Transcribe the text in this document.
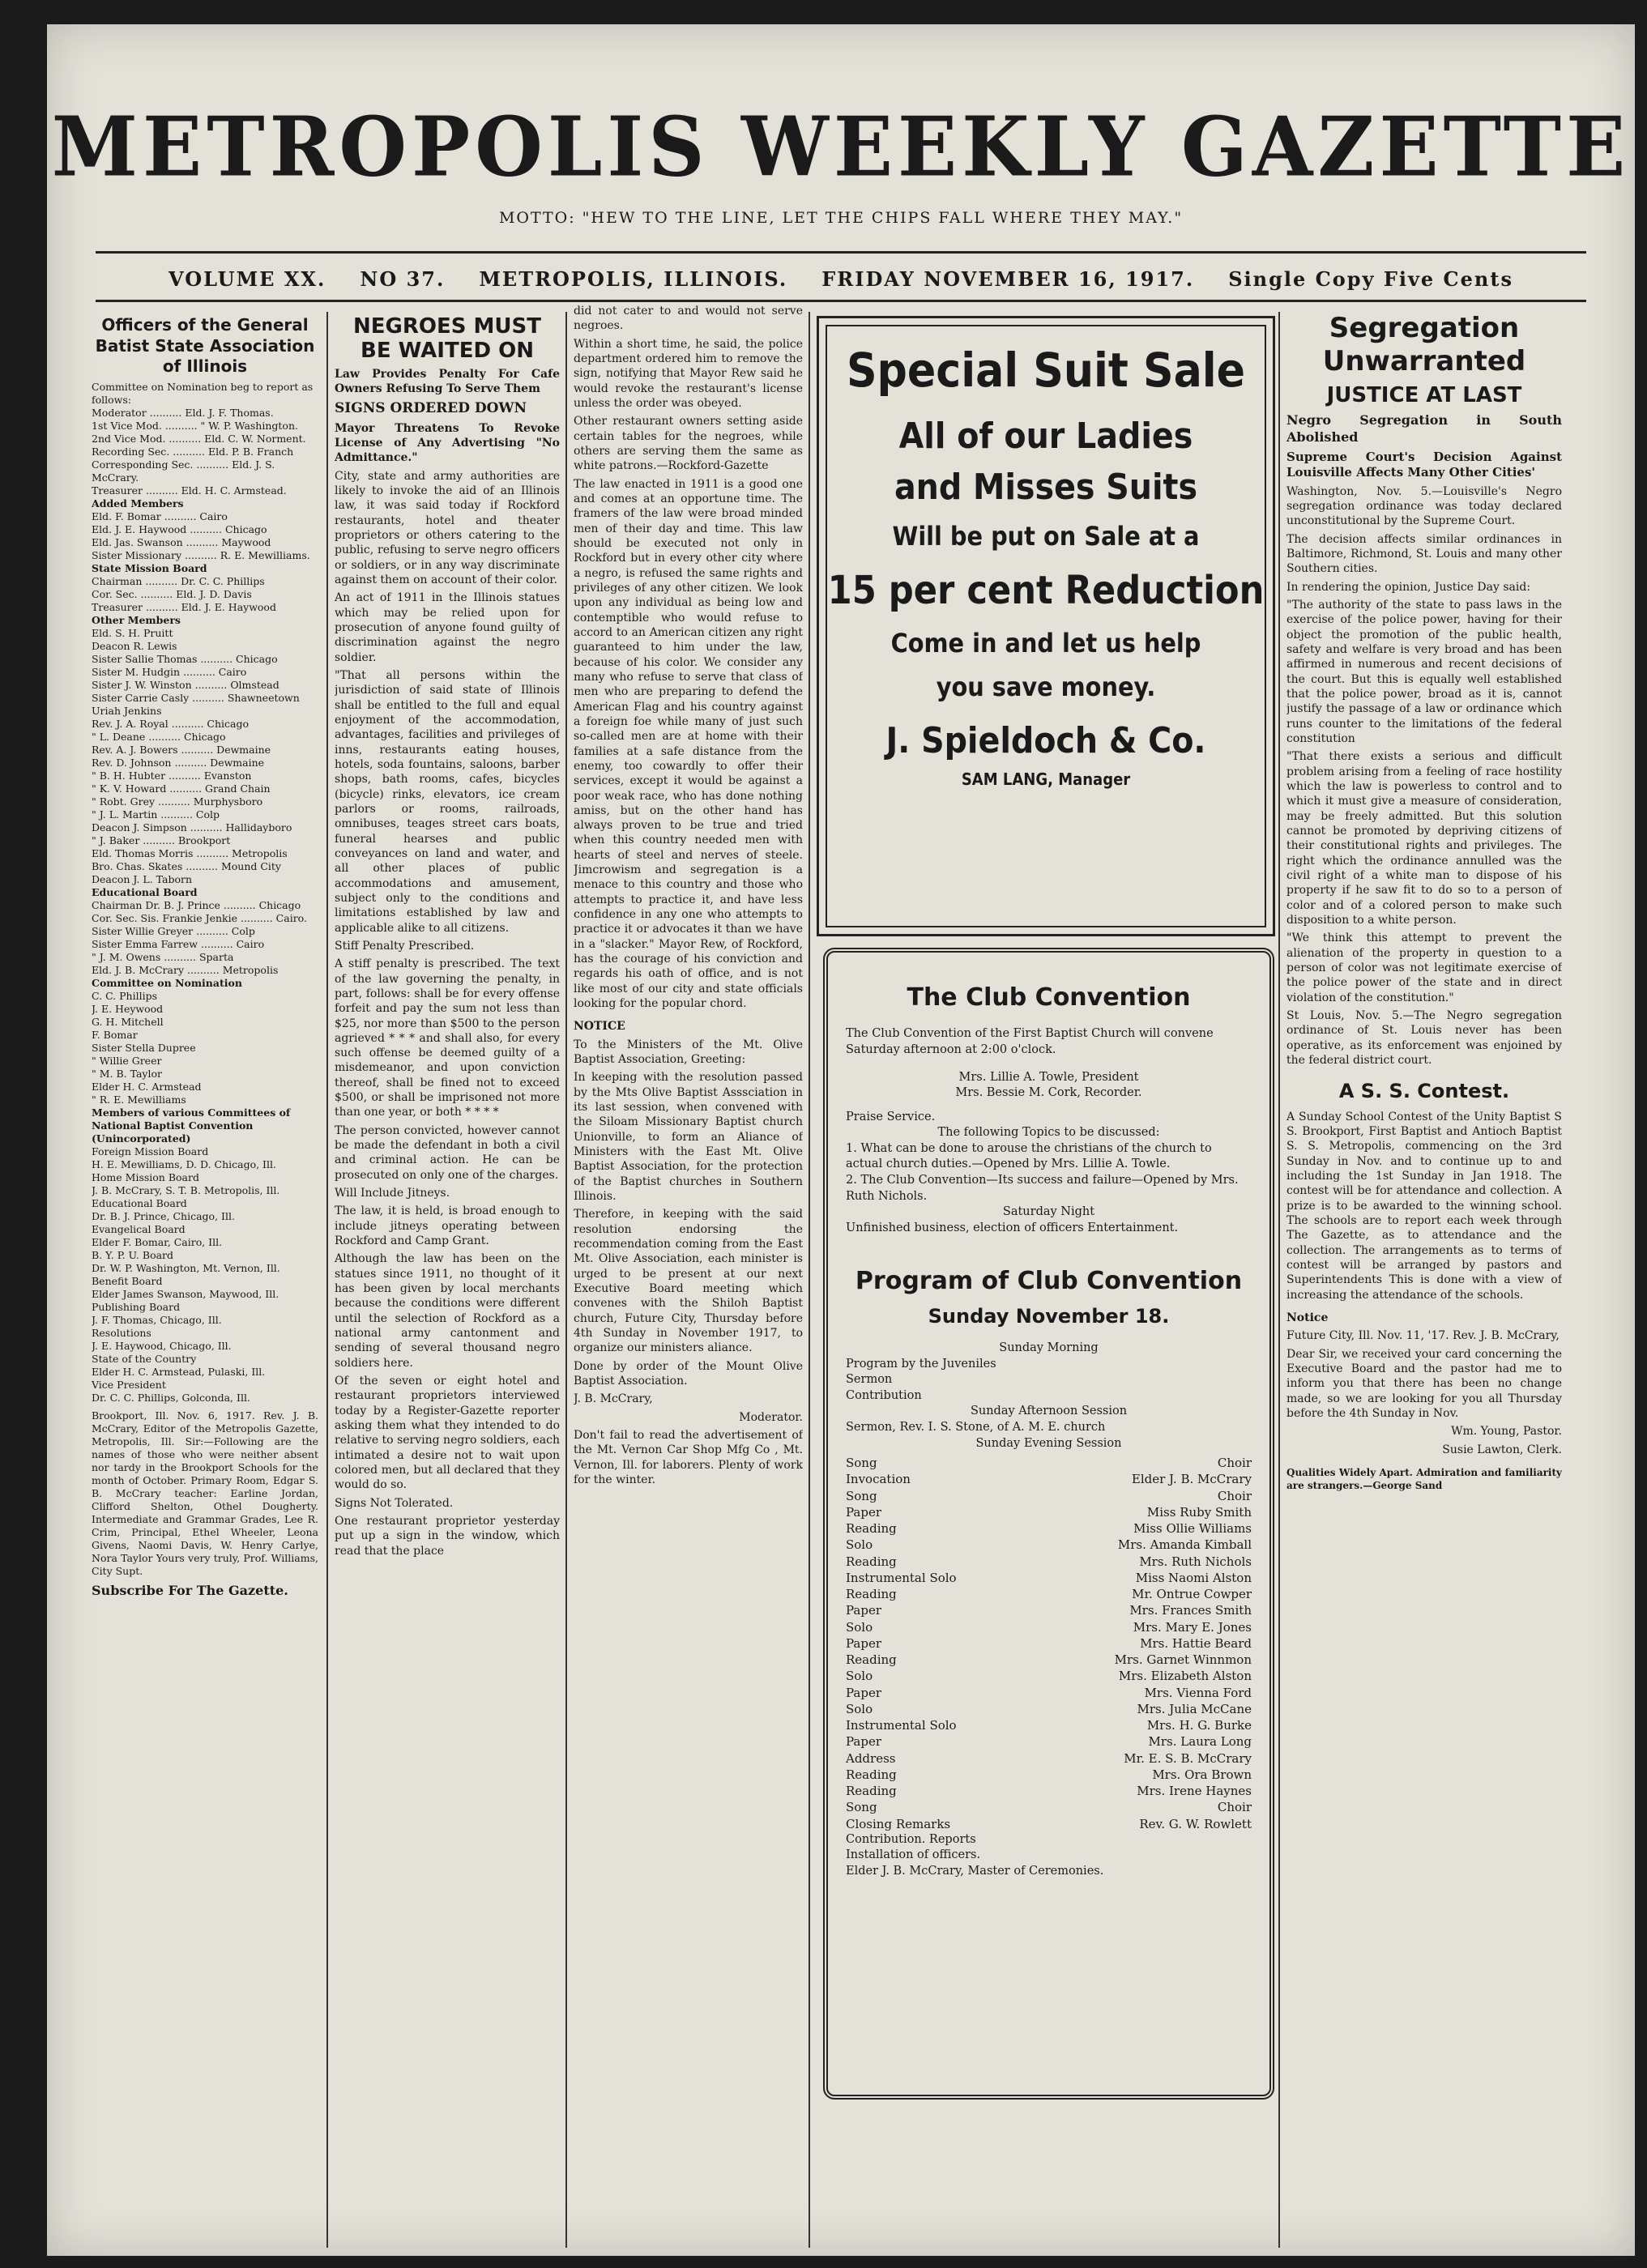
METROPOLIS WEEKLY GAZETTE
MOTTO: "HEW TO THE LINE, LET THE CHIPS FALL WHERE THEY MAY."
VOLUME XX. NO 37. METROPOLIS, ILLINOIS. FRIDAY NOVEMBER 16, 1917. Single Copy Five Cents
Officers of the General Batist State Association of Illinois

Committee on Nomination beg to report as follows:

Moderator .......... Eld. J. F. Thomas.

1st Vice Mod. .......... " W. P. Washington.

2nd Vice Mod. .......... Eld. C. W. Norment.

Recording Sec. .......... Eld. P. B. Franch

Corresponding Sec. .......... Eld. J. S. McCrary.

Treasurer .......... Eld. H. C. Armstead.

Added Members

Eld. F. Bomar .......... Cairo

Eld. J. E. Haywood .......... Chicago

Eld. Jas. Swanson .......... Maywood

Sister Missionary .......... R. E. Mewilliams.

State Mission Board

Chairman .......... Dr. C. C. Phillips

Cor. Sec. .......... Eld. J. D. Davis

Treasurer .......... Eld. J. E. Haywood

Other Members

Eld. S. H. Pruitt

Deacon R. Lewis

Sister Sallie Thomas .......... Chicago

Sister M. Hudgin .......... Cairo

Sister J. W. Winston .......... Olmstead

Sister Carrie Casly .......... Shawneetown

Uriah Jenkins

Rev. J. A. Royal .......... Chicago

" L. Deane .......... Chicago

Rev. A. J. Bowers .......... Dewmaine

Rev. D. Johnson .......... Dewmaine

" B. H. Hubter .......... Evanston

" K. V. Howard .......... Grand Chain

" Robt. Grey .......... Murphysboro

" J. L. Martin .......... Colp

Deacon J. Simpson .......... Hallidayboro

" J. Baker .......... Brookport

Eld. Thomas Morris .......... Metropolis

Bro. Chas. Skates .......... Mound City

Deacon J. L. Taborn

Educational Board

Chairman Dr. B. J. Prince .......... Chicago

Cor. Sec. Sis. Frankie Jenkie .......... Cairo.

Sister Willie Greyer .......... Colp

Sister Emma Farrew .......... Cairo

" J. M. Owens .......... Sparta

Eld. J. B. McCrary .......... Metropolis

Committee on Nomination

C. C. Phillips

J. E. Heywood

G. H. Mitchell

F. Bomar

Sister Stella Dupree

" Willie Greer

" M. B. Taylor

Elder H. C. Armstead

" R. E. Mewilliams

Members of various Committees of National Baptist Convention (Unincorporated)

Foreign Mission Board

H. E. Mewilliams, D. D. Chicago, Ill.

Home Mission Board

J. B. McCrary, S. T. B. Metropolis, Ill.

Educational Board

Dr. B. J. Prince, Chicago, Ill.

Evangelical Board

Elder F. Bomar, Cairo, Ill.

B. Y. P. U. Board

Dr. W. P. Washington, Mt. Vernon, Ill.

Benefit Board

Elder James Swanson, Maywood, Ill.

Publishing Board

J. F. Thomas, Chicago, Ill.

Resolutions

J. E. Haywood, Chicago, Ill.

State of the Country

Elder H. C. Armstead, Pulaski, Ill.

Vice President

Dr. C. C. Phillips, Golconda, Ill.

Brookport, Ill. Nov. 6, 1917. Rev. J. B. McCrary, Editor of the Metropolis Gazette, Metropolis, Ill. Sir:—Following are the names of those who were neither absent nor tardy in the Brookport Schools for the month of October. Primary Room, Edgar S. B. McCrary teacher: Earline Jordan, Clifford Shelton, Othel Dougherty. Intermediate and Grammar Grades, Lee R. Crim, Principal, Ethel Wheeler, Leona Givens, Naomi Davis, W. Henry Carlye, Nora Taylor Yours very truly, Prof. Williams, City Supt.

Subscribe For The Gazette.

NEGROES MUST BE WAITED ON

Law Provides Penalty For Cafe Owners Refusing To Serve Them

SIGNS ORDERED DOWN

Mayor Threatens To Revoke License of Any Advertising "No Admittance."

City, state and army authorities are likely to invoke the aid of an Illinois law, it was said today if Rockford restaurants, hotel and theater proprietors or others catering to the public, refusing to serve negro officers or soldiers, or in any way discriminate against them on account of their color.

An act of 1911 in the Illinois statues which may be relied upon for prosecution of anyone found guilty of discrimination against the negro soldier.

"That all persons within the jurisdiction of said state of Illinois shall be entitled to the full and equal enjoyment of the accommodation, advantages, facilities and privileges of inns, restaurants eating houses, hotels, soda fountains, saloons, barber shops, bath rooms, cafes, bicycles (bicycle) rinks, elevators, ice cream parlors or rooms, railroads, omnibuses, teages street cars boats, funeral hearses and public conveyances on land and water, and all other places of public accommodations and amusement, subject only to the conditions and limitations established by law and applicable alike to all citizens.

Stiff Penalty Prescribed.

A stiff penalty is prescribed. The text of the law governing the penalty, in part, follows: shall be for every offense forfeit and pay the sum not less than $25, nor more than $500 to the person agrieved * * * and shall also, for every such offense be deemed guilty of a misdemeanor, and upon conviction thereof, shall be fined not to exceed $500, or shall be imprisoned not more than one year, or both * * * *

The person convicted, however cannot be made the defendant in both a civil and criminal action. He can be prosecuted on only one of the charges.

Will Include Jitneys.

The law, it is held, is broad enough to include jitneys operating between Rockford and Camp Grant.

Although the law has been on the statues since 1911, no thought of it has been given by local merchants because the conditions were different until the selection of Rockford as a national army cantonment and sending of several thousand negro soldiers here.

Of the seven or eight hotel and restaurant proprietors interviewed today by a Register-Gazette reporter asking them what they intended to do relative to serving negro soldiers, each intimated a desire not to wait upon colored men, but all declared that they would do so.

Signs Not Tolerated.

One restaurant proprietor yesterday put up a sign in the window, which read that the place

did not cater to and would not serve negroes.

Within a short time, he said, the police department ordered him to remove the sign, notifying that Mayor Rew said he would revoke the restaurant's license unless the order was obeyed.

Other restaurant owners setting aside certain tables for the negroes, while others are serving them the same as white patrons.—Rockford-Gazette

The law enacted in 1911 is a good one and comes at an opportune time. The framers of the law were broad minded men of their day and time. This law should be executed not only in Rockford but in every other city where a negro, is refused the same rights and privileges of any other citizen. We look upon any individual as being low and contemptible who would refuse to accord to an American citizen any right guaranteed to him under the law, because of his color. We consider any many who refuse to serve that class of men who are preparing to defend the American Flag and his country against a foreign foe while many of just such so-called men are at home with their families at a safe distance from the enemy, too cowardly to offer their services, except it would be against a poor weak race, who has done nothing amiss, but on the other hand has always proven to be true and tried when this country needed men with hearts of steel and nerves of steele. Jimcrowism and segregation is a menace to this country and those who attempts to practice it, and have less confidence in any one who attempts to practice it or advocates it than we have in a "slacker." Mayor Rew, of Rockford, has the courage of his conviction and regards his oath of office, and is not like most of our city and state officials looking for the popular chord.

NOTICE

To the Ministers of the Mt. Olive Baptist Association, Greeting:

In keeping with the resolution passed by the Mts Olive Baptist Asssciation in its last session, when convened with the Siloam Missionary Baptist church Unionville, to form an Aliance of Ministers with the East Mt. Olive Baptist Association, for the protection of the Baptist churches in Southern Illinois.

Therefore, in keeping with the said resolution endorsing the recommendation coming from the East Mt. Olive Association, each minister is urged to be present at our next Executive Board meeting which convenes with the Shiloh Baptist church, Future City, Thursday before 4th Sunday in November 1917, to organize our ministers aliance.

Done by order of the Mount Olive Baptist Association.

J. B. McCrary,

Moderator.

Don't fail to read the advertisement of the Mt. Vernon Car Shop Mfg Co , Mt. Vernon, Ill. for laborers. Plenty of work for the winter.

Special Suit Sale
All of our Ladies
and Misses Suits
Will be put on Sale at a
15 per cent Reduction
Come in and let us help
you save money.
J. Spieldoch & Co.
SAM LANG, Manager
The Club Convention

The Club Convention of the First Baptist Church will convene Saturday afternoon at 2:00 o'clock.

Mrs. Lillie A. Towle, President

Mrs. Bessie M. Cork, Recorder.

Praise Service.

The following Topics to be discussed:

1. What can be done to arouse the christians of the church to actual church duties.—Opened by Mrs. Lillie A. Towle.

2. The Club Convention—Its success and failure—Opened by Mrs. Ruth Nichols.

Saturday Night

Unfinished business, election of officers Entertainment.

Program of Club Convention
Sunday November 18.

Sunday Morning

Program by the Juveniles

Sermon

Contribution

Sunday Afternoon Session

Sermon, Rev. I. S. Stone, of A. M. E. church

Sunday Evening Session

Song	Choir
Invocation	Elder J. B. McCrary
Song	Choir
Paper	Miss Ruby Smith
Reading	Miss Ollie Williams
Solo	Mrs. Amanda Kimball
Reading	Mrs. Ruth Nichols
Instrumental Solo	Miss Naomi Alston
Reading	Mr. Ontrue Cowper
Paper	Mrs. Frances Smith
Solo	Mrs. Mary E. Jones
Paper	Mrs. Hattie Beard
Reading	Mrs. Garnet Winnmon
Solo	Mrs. Elizabeth Alston
Paper	Mrs. Vienna Ford
Solo	Mrs. Julia McCane
Instrumental Solo	Mrs. H. G. Burke
Paper	Mrs. Laura Long
Address	Mr. E. S. B. McCrary
Reading	Mrs. Ora Brown
Reading	Mrs. Irene Haynes
Song	Choir
Closing Remarks	Rev. G. W. Rowlett

Contribution. Reports

Installation of officers.

Elder J. B. McCrary, Master of Ceremonies.

Segregation Unwarranted
JUSTICE AT LAST

Negro Segregation in South Abolished

Supreme Court's Decision Against Louisville Affects Many Other Cities'

Washington, Nov. 5.—Louisville's Negro segregation ordinance was today declared unconstitutional by the Supreme Court.

The decision affects similar ordinances in Baltimore, Richmond, St. Louis and many other Southern cities.

In rendering the opinion, Justice Day said:

"The authority of the state to pass laws in the exercise of the police power, having for their object the promotion of the public health, safety and welfare is very broad and has been affirmed in numerous and recent decisions of the court. But this is equally well established that the police power, broad as it is, cannot justify the passage of a law or ordinance which runs counter to the limitations of the federal constitution

"That there exists a serious and difficult problem arising from a feeling of race hostility which the law is powerless to control and to which it must give a measure of consideration, may be freely admitted. But this solution cannot be promoted by depriving citizens of their constitutional rights and privileges. The right which the ordinance annulled was the civil right of a white man to dispose of his property if he saw fit to do so to a person of color and of a colored person to make such disposition to a white person.

"We think this attempt to prevent the alienation of the property in question to a person of color was not legitimate exercise of the police power of the state and in direct violation of the constitution."

St Louis, Nov. 5.—The Negro segregation ordinance of St. Louis never has been operative, as its enforcement was enjoined by the federal district court.

A S. S. Contest.

A Sunday School Contest of the Unity Baptist S S. Brookport, First Baptist and Antioch Baptist S. S. Metropolis, commencing on the 3rd Sunday in Nov. and to continue up to and including the 1st Sunday in Jan 1918. The contest will be for attendance and collection. A prize is to be awarded to the winning school. The schools are to report each week through The Gazette, as to attendance and the collection. The arrangements as to terms of contest will be arranged by pastors and Superintendents This is done with a view of increasing the attendance of the schools.

Notice

Future City, Ill. Nov. 11, '17. Rev. J. B. McCrary,

Dear Sir, we received your card concerning the Executive Board and the pastor had me to inform you that there has been no change made, so we are looking for you all Thursday before the 4th Sunday in Nov.

Wm. Young, Pastor.

Susie Lawton, Clerk.

Qualities Widely Apart. Admiration and familiarity are strangers.—George Sand
